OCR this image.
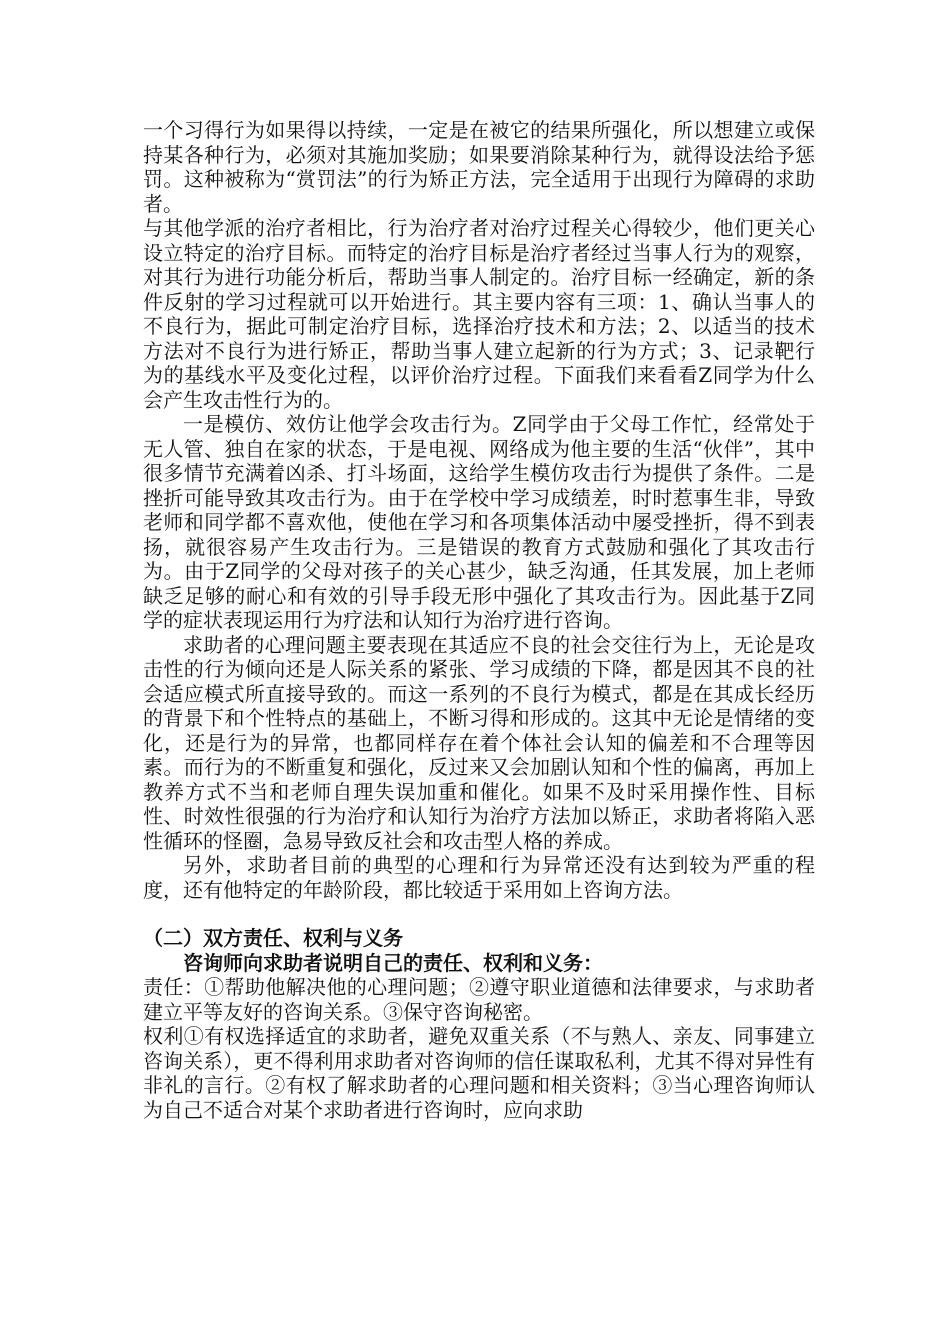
一个习得行为如果得以持续，一定是在被它的结果所强化，所以想建立或保持某各种行为，必须对其施加奖励；如果要消除某种行为，就得设法给予惩罚。这种被称为“赏罚法”的行为矫正方法，完全适用于出现行为障碍的求助者。

与其他学派的治疗者相比，行为治疗者对治疗过程关心得较少，他们更关心设立特定的治疗目标。而特定的治疗目标是治疗者经过当事人行为的观察，对其行为进行功能分析后，帮助当事人制定的。治疗目标一经确定，新的条件反射的学习过程就可以开始进行。其主要内容有三项：1、确认当事人的不良行为，据此可制定治疗目标，选择治疗技术和方法；2、以适当的技术方法对不良行为进行矫正，帮助当事人建立起新的行为方式；3、记录靶行为的基线水平及变化过程，以评价治疗过程。下面我们来看看Z同学为什么会产生攻击性行为的。

一是模仿、效仿让他学会攻击行为。Z同学由于父母工作忙，经常处于无人管、独自在家的状态，于是电视、网络成为他主要的生活“伙伴”，其中很多情节充满着凶杀、打斗场面，这给学生模仿攻击行为提供了条件。二是挫折可能导致其攻击行为。由于在学校中学习成绩差，时时惹事生非，导致老师和同学都不喜欢他，使他在学习和各项集体活动中屡受挫折，得不到表扬，就很容易产生攻击行为。三是错误的教育方式鼓励和强化了其攻击行为。由于Z同学的父母对孩子的关心甚少，缺乏沟通，任其发展，加上老师缺乏足够的耐心和有效的引导手段无形中强化了其攻击行为。因此基于Z同学的症状表现运用行为疗法和认知行为治疗进行咨询。

求助者的心理问题主要表现在其适应不良的社会交往行为上，无论是攻击性的行为倾向还是人际关系的紧张、学习成绩的下降，都是因其不良的社会适应模式所直接导致的。而这一系列的不良行为模式，都是在其成长经历的背景下和个性特点的基础上，不断习得和形成的。这其中无论是情绪的变化，还是行为的异常，也都同样存在着个体社会认知的偏差和不合理等因素。而行为的不断重复和强化，反过来又会加剧认知和个性的偏离，再加上教养方式不当和老师自理失误加重和催化。如果不及时采用操作性、目标性、时效性很强的行为治疗和认知行为治疗方法加以矫正，求助者将陷入恶性循环的怪圈，急易导致反社会和攻击型人格的养成。

另外，求助者目前的典型的心理和行为异常还没有达到较为严重的程度，还有他特定的年龄阶段，都比较适于采用如上咨询方法。

（二）双方责任、权利与义务

咨询师向求助者说明自己的责任、权利和义务：

责任：①帮助他解决他的心理问题；②遵守职业道德和法律要求，与求助者建立平等友好的咨询关系。③保守咨询秘密。

权利①有权选择适宜的求助者，避免双重关系（不与熟人、亲友、同事建立咨询关系），更不得利用求助者对咨询师的信任谋取私利，尤其不得对异性有非礼的言行。②有权了解求助者的心理问题和相关资料；③当心理咨询师认为自己不适合对某个求助者进行咨询时，应向求助
